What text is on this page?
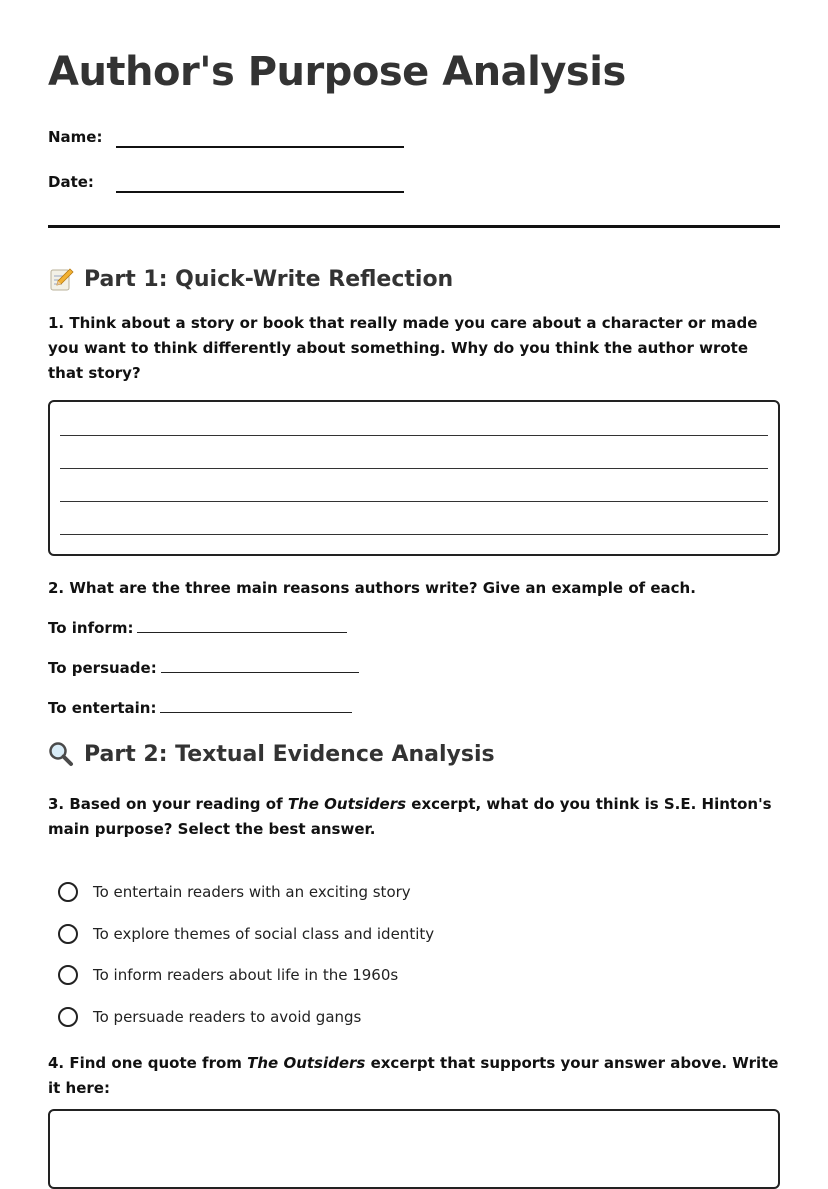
Author's Purpose Analysis
Name:
Date:
Part 1: Quick-Write Reflection

1. Think about a story or book that really made you care about a character or made you want to think differently about something. Why do you think the author wrote that story?

2. What are the three main reasons authors write? Give an example of each.

To inform:
To persuade:
To entertain:
Part 2: Textual Evidence Analysis

3. Based on your reading of The Outsiders excerpt, what do you think is S.E. Hinton's main purpose? Select the best answer.

To entertain readers with an exciting story
To explore themes of social class and identity
To inform readers about life in the 1960s
To persuade readers to avoid gangs

4. Find one quote from The Outsiders excerpt that supports your answer above. Write it here:
